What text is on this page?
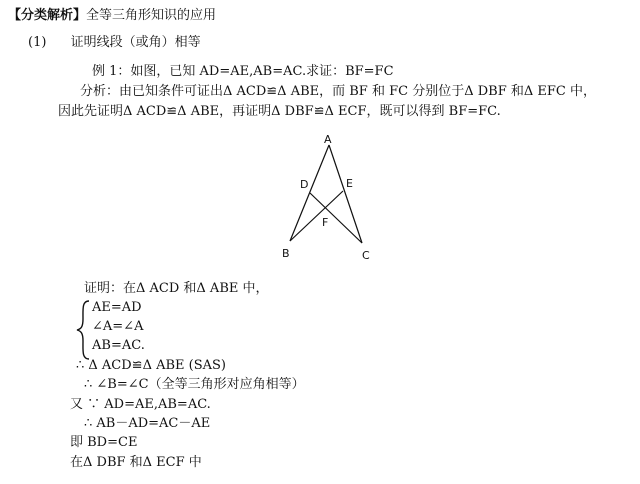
【分类解析】全等三角形知识的应用
(1) 证明线段（或角）相等
例 1：如图，已知 AD=AE,AB=AC.求证：BF=FC
分析：由已知条件可证出Δ ACD≌Δ ABE，而 BF 和 FC 分别位于Δ DBF 和Δ EFC 中，
因此先证明Δ ACD≌Δ ABE，再证明Δ DBF≌Δ ECF，既可以得到 BF=FC.
A
D	E
F
B	C
证明：在Δ ACD 和Δ ABE 中，
AE=AD
∠A=∠A
AB=AC.
∴ Δ ACD≌Δ ABE (SAS)
∴ ∠B=∠C（全等三角形对应角相等）
又 ∵ AD=AE,AB=AC.
∴ AB－AD=AC－AE
即 BD=CE
在Δ DBF 和Δ ECF 中
